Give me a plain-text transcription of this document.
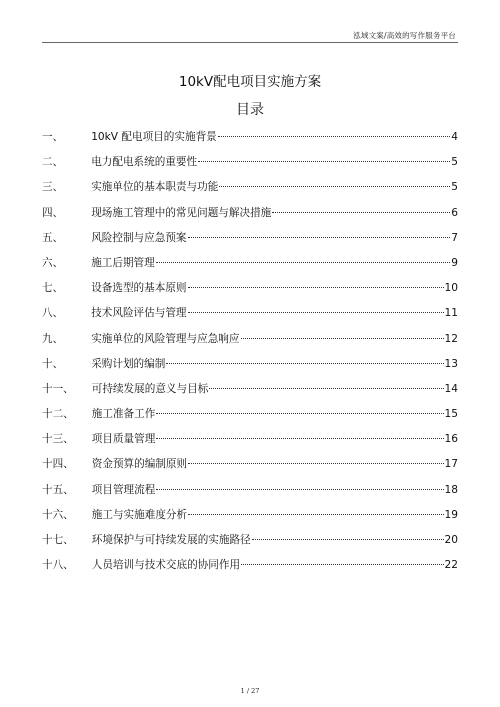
泓域文案/高效的写作服务平台
10kV配电项目实施方案
目录
一、	10kV 配电项目的实施背景	4
二、	电力配电系统的重要性	5
三、	实施单位的基本职责与功能	5
四、	现场施工管理中的常见问题与解决措施	6
五、	风险控制与应急预案	7
六、	施工后期管理	9
七、	设备选型的基本原则	10
八、	技术风险评估与管理	11
九、	实施单位的风险管理与应急响应	12
十、	采购计划的编制	13
十一、 可持续发展的意义与目标	14
十二、 施工准备工作	15
十三、 项目质量管理	16
十四、 资金预算的编制原则	17
十五、 项目管理流程	18
十六、 施工与实施难度分析	19
十七、 环境保护与可持续发展的实施路径	20
十八、 人员培训与技术交底的协同作用	22
1 / 27
